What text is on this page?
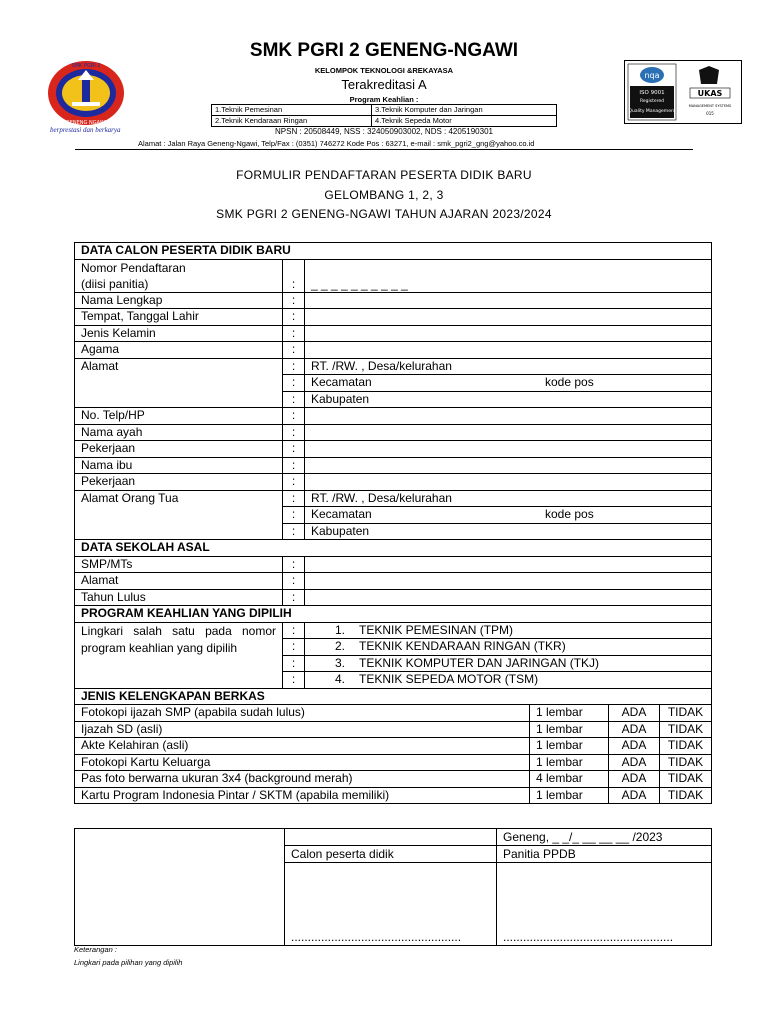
SMK PGRI 2
GENENG NGAWI
berprestasi dan berkarya
SMK PGRI 2 GENENG-NGAWI
KELOMPOK TEKNOLOGI &REKAYASA
Terakreditasi A
Program Keahlian :
1.Teknik Pemesinan	3.Teknik Komputer dan Jaringan
2.Teknik Kendaraan Ringan	4.Teknik Sepeda Motor
NPSN : 20508449, NSS : 324050903002, NDS : 4205190301
Alamat : Jalan Raya Geneng-Ngawi, Telp/Fax : (0351) 746272 Kode Pos : 63271, e-mail : smk_pgri2_gng@yahoo.co.id
nqa
ISO 9001
Registered
Quality Management
UKAS
MANAGEMENT SYSTEMS
015
FORMULIR PENDAFTARAN PESERTA DIDIK BARU
GELOMBANG 1, 2, 3
SMK PGRI 2 GENENG-NGAWI TAHUN AJARAN 2023/2024
DATA CALON PESERTA DIDIK BARU					

Nomor Pendaftaran
(diisi panitia)	:	_ _ _ _ _ _ _ _ _ _			
Nama Lengkap	:				
Tempat, Tanggal Lahir	:				
Jenis Kelamin	:				
Agama	:				
Alamat	:	RT. /RW. , Desa/kelurahan			
	:	Kecamatan kode pos			

	:	Kabupaten			
No. Telp/HP	:				
Nama ayah	:				
Pekerjaan	:				
Nama ibu	:				
Pekerjaan	:				
Alamat Orang Tua	:	RT. /RW. , Desa/kelurahan			
	:	Kecamatan kode pos			

	:	Kabupaten			
DATA SEKOLAH ASAL					
SMP/MTs	:				
Alamat	:				
Tahun Lulus	:				
PROGRAM KEAHLIAN YANG DIPILIH					
Lingkari salah satu pada nomor program keahlian yang dipilih	:	1. TEKNIK PEMESINAN (TPM)			
	:	2. TEKNIK KENDARAAN RINGAN (TKR)			
	:	3. TEKNIK KOMPUTER DAN JARINGAN (TKJ)			
	:	4. TEKNIK SEPEDA MOTOR (TSM)			
JENIS KELENGKAPAN BERKAS					
Fotokopi ijazah SMP (apabila sudah lulus)			1 lembar	ADA	TIDAK
Ijazah SD (asli)			1 lembar	ADA	TIDAK
Akte Kelahiran (asli)			1 lembar	ADA	TIDAK
Fotokopi Kartu Keluarga			1 lembar	ADA	TIDAK
Pas foto berwarna ukuran 3x4 (background merah)			4 lembar	ADA	TIDAK
Kartu Program Indonesia Pintar / SKTM (apabila memiliki)			1 lembar	ADA	TIDAK
		Geneng, _ _/_ __ __ __ /2023
	Calon peserta didik	Panitia PPDB
	...................................................	...................................................
Keterangan :
Lingkari pada pilihan yang dipilih
